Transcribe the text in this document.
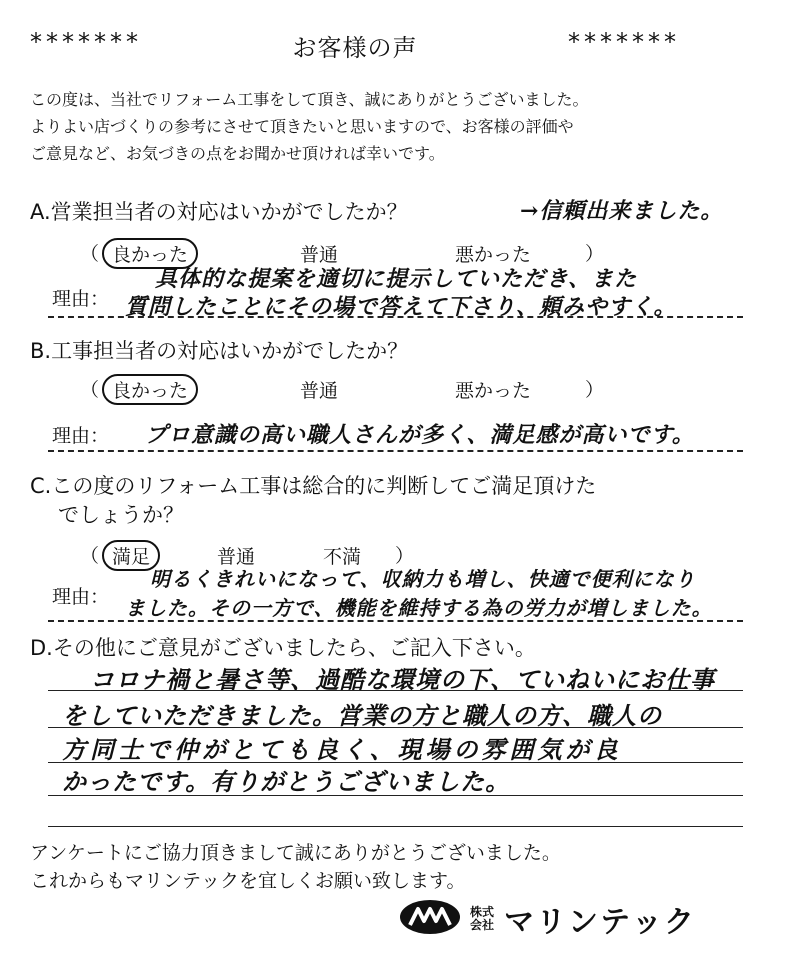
*******	お客様の声	*******
この度は、当社でリフォーム工事をして頂き、誠にありがとうございました。
よりよい店づくりの参考にさせて頂きたいと思いますので、お客様の評価や
ご意見など、お気づきの点をお聞かせ頂ければ幸いです。
A.営業担当者の対応はいかがでしたか？	→信頼出来ました。
（ 良かった	普通	悪かった	）
理由：
具体的な提案を適切に提示していただき、また
質問したことにその場で答えて下さり、頼みやすく。
B.工事担当者の対応はいかがでしたか？
（ 良かった	普通	悪かった	）
理由： プロ意識の高い職人さんが多く、満足感が高いです。
C.この度のリフォーム工事は総合的に判断してご満足頂けた
でしょうか？
（ 満足	普通	不満 ）
理由：
明るくきれいになって、収納力も増し、快適で便利になり
ました。その一方で、機能を維持する為の労力が増しました。
D.その他にご意見がございましたら、ご記入下さい。
コロナ禍と暑さ等、過酷な環境の下、ていねいにお仕事
をしていただきました。営業の方と職人の方、職人の
方同士で仲がとても良く、現場の雰囲気が良
かったです。有りがとうございました。
アンケートにご協力頂きまして誠にありがとうございました。
これからもマリンテックを宜しくお願い致します。
株式
会社 マリンテック
